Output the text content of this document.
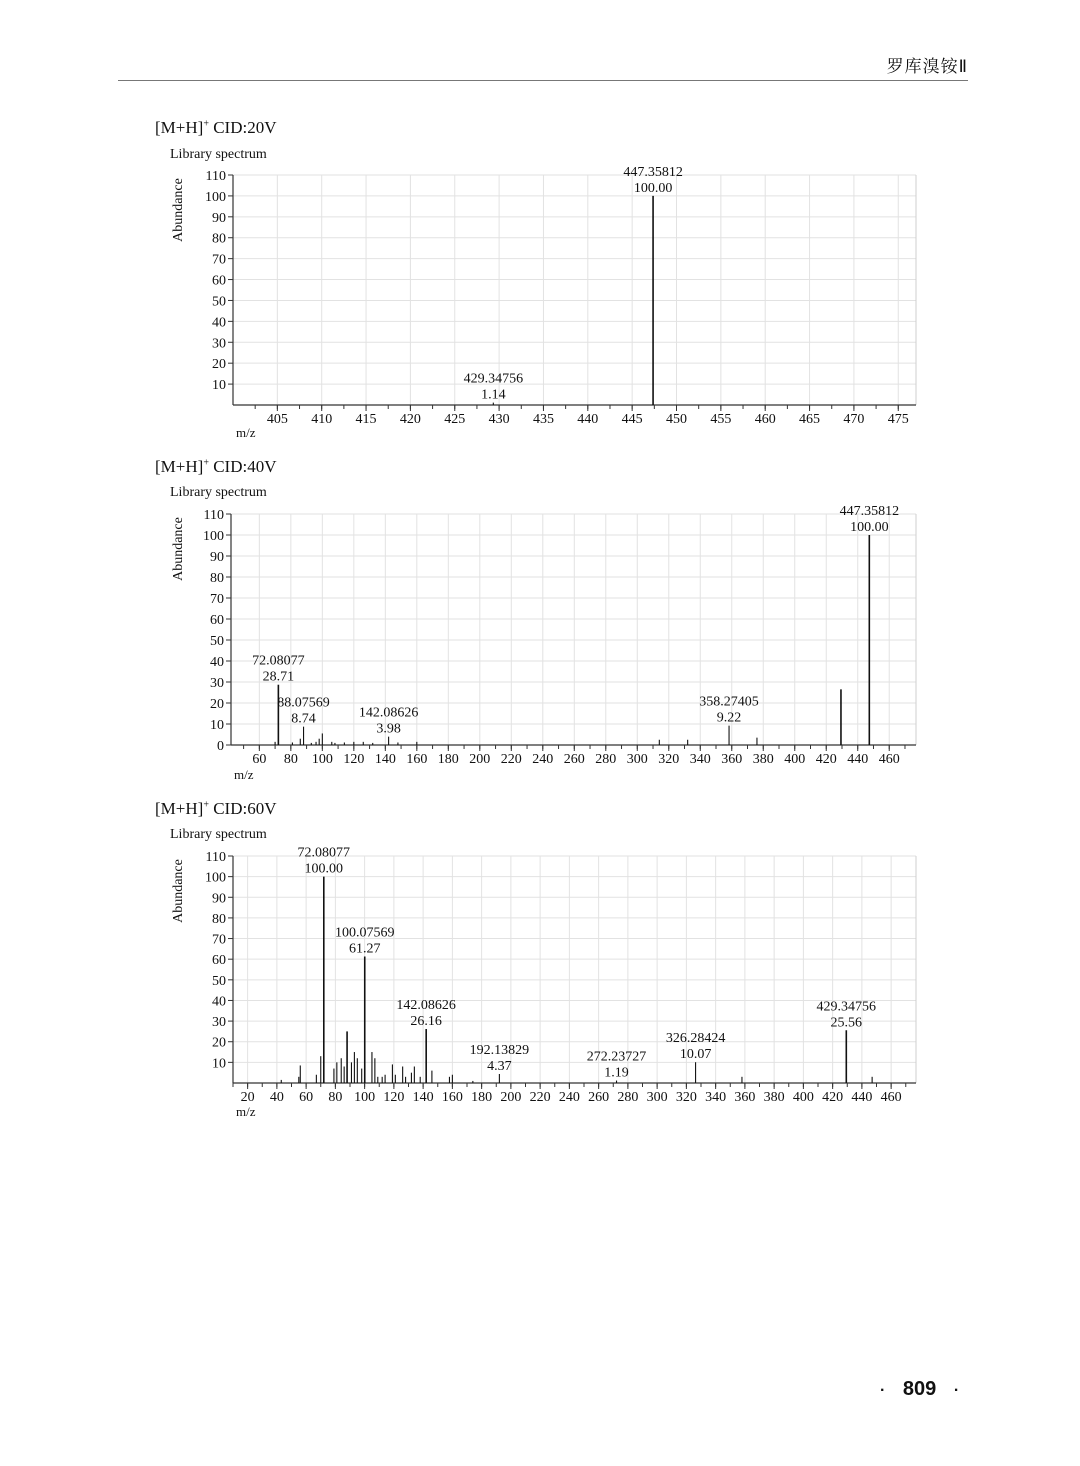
罗库溴铵Ⅱ
[M+H]+ CID:20V
Library spectrum
10
20
30
40
50
60
70
80
90
100
110
405 410 415 420 425 430 435 440 445 450 455 460 465 470 475
m/z
Abundance
447.35812
100.00
429.34756
1.14
[M+H]+ CID:40V
Library spectrum
0
10
20
30
40
50
60
70
80
90
100
110
60 80 100 120 140 160 180 200 220 240 260 280 300 320 340 360 380 400 420 440 460
m/z
Abundance
447.35812
100.00
72.08077
28.71
88.07569
8.74	142.08626
3.98
358.27405
9.22
[M+H]+ CID:60V
Library spectrum
10
20
30
40
50
60
70
80
90
100
110
20 40 60 80 100 120 140 160 180 200 220 240 260 280 300 320 340 360 380 400 420 440 460
m/z
Abundance
72.08077
100.00
100.07569
61.27
142.08626
26.16
192.13829
4.37
272.23727
1.19
326.28424
10.07
429.34756
25.56
· 809 ·
